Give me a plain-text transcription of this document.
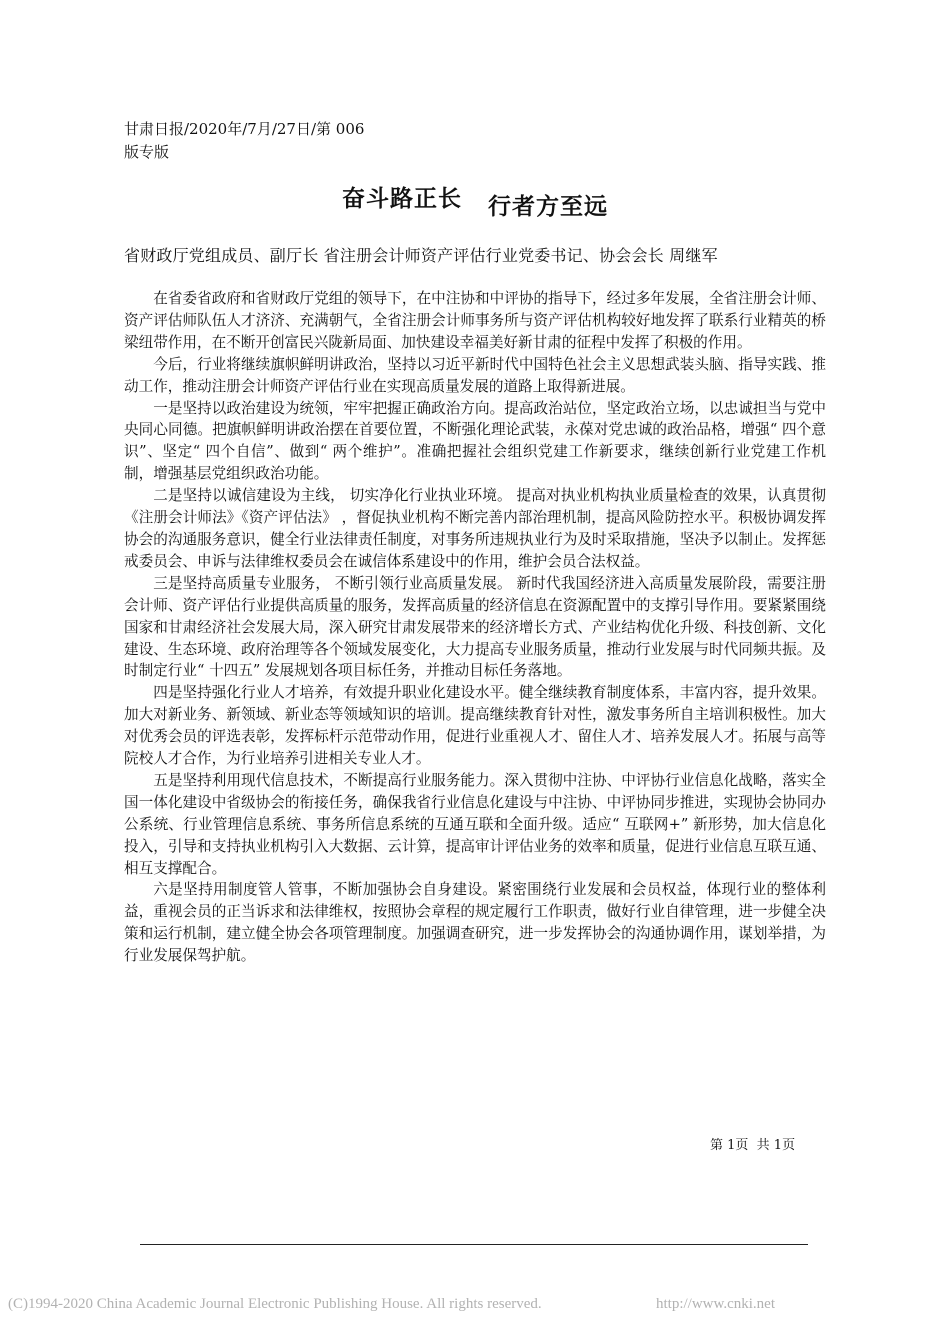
甘肃日报/2020年/7月/27日/第 006
版专版
奋斗路正长 行者方至远
省财政厅党组成员、副厅长 省注册会计师资产评估行业党委书记、协会会长 周继军

在省委省政府和省财政厅党组的领导下，在中注协和中评协的指导下，经过多年发展，全省注册会计师、资产评估师队伍人才济济、充满朝气，全省注册会计师事务所与资产评估机构较好地发挥了联系行业精英的桥梁纽带作用，在不断开创富民兴陇新局面、加快建设幸福美好新甘肃的征程中发挥了积极的作用。

今后，行业将继续旗帜鲜明讲政治，坚持以习近平新时代中国特色社会主义思想武装头脑、指导实践、推动工作，推动注册会计师资产评估行业在实现高质量发展的道路上取得新进展。

一是坚持以政治建设为统领，牢牢把握正确政治方向。提高政治站位，坚定政治立场，以忠诚担当与党中央同心同德。把旗帜鲜明讲政治摆在首要位置，不断强化理论武装，永葆对党忠诚的政治品格，增强“ 四个意识”、坚定“ 四个自信”、做到“ 两个维护”。准确把握社会组织党建工作新要求，继续创新行业党建工作机制，增强基层党组织政治功能。

二是坚持以诚信建设为主线， 切实净化行业执业环境。 提高对执业机构执业质量检查的效果，认真贯彻《注册会计师法》《资产评估法》 ，督促执业机构不断完善内部治理机制，提高风险防控水平。积极协调发挥协会的沟通服务意识，健全行业法律责任制度，对事务所违规执业行为及时采取措施，坚决予以制止。发挥惩戒委员会、申诉与法律维权委员会在诚信体系建设中的作用，维护会员合法权益。

三是坚持高质量专业服务， 不断引领行业高质量发展。 新时代我国经济进入高质量发展阶段，需要注册会计师、资产评估行业提供高质量的服务，发挥高质量的经济信息在资源配置中的支撑引导作用。要紧紧围绕国家和甘肃经济社会发展大局，深入研究甘肃发展带来的经济增长方式、产业结构优化升级、科技创新、文化建设、生态环境、政府治理等各个领域发展变化，大力提高专业服务质量，推动行业发展与时代同频共振。及时制定行业“ 十四五” 发展规划各项目标任务，并推动目标任务落地。

四是坚持强化行业人才培养，有效提升职业化建设水平。健全继续教育制度体系，丰富内容，提升效果。加大对新业务、新领域、新业态等领域知识的培训。提高继续教育针对性，激发事务所自主培训积极性。加大对优秀会员的评选表彰，发挥标杆示范带动作用，促进行业重视人才、留住人才、培养发展人才。拓展与高等院校人才合作，为行业培养引进相关专业人才。

五是坚持利用现代信息技术，不断提高行业服务能力。深入贯彻中注协、中评协行业信息化战略，落实全国一体化建设中省级协会的衔接任务，确保我省行业信息化建设与中注协、中评协同步推进，实现协会协同办公系统、行业管理信息系统、事务所信息系统的互通互联和全面升级。适应“ 互联网+” 新形势，加大信息化投入，引导和支持执业机构引入大数据、云计算，提高审计评估业务的效率和质量，促进行业信息互联互通、相互支撑配合。

六是坚持用制度管人管事，不断加强协会自身建设。紧密围绕行业发展和会员权益，体现行业的整体利益，重视会员的正当诉求和法律维权，按照协会章程的规定履行工作职责，做好行业自律管理，进一步健全决策和运行机制，建立健全协会各项管理制度。加强调查研究，进一步发挥协会的沟通协调作用，谋划举措，为行业发展保驾护航。

第 1页  共 1页
(C)1994-2020 China Academic Journal Electronic Publishing House. All rights reserved.	http://www.cnki.net
